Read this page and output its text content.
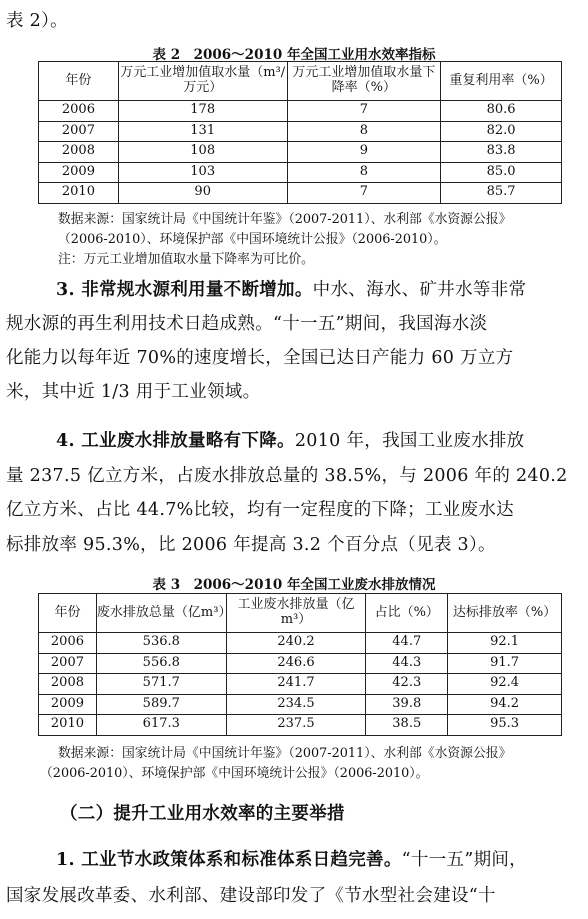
表 2）。
表 2　2006～2010 年全国工业用水效率指标
年份	万元工业增加值取水量（m³/万元）	万元工业增加值取水量下降率（%）	重复利用率（%）
2006	178	7	80.6
2007	131	8	82.0
2008	108	9	83.8
2009	103	8	85.0
2010	90	7	85.7
数据来源：国家统计局《中国统计年鉴》（2007-2011）、水利部《水资源公报》
（2006-2010）、环境保护部《中国环境统计公报》（2006-2010）。
注：万元工业增加值取水量下降率为可比价。
3. 非常规水源利用量不断增加。中水、海水、矿井水等非常
规水源的再生利用技术日趋成熟。“十一五”期间，我国海水淡
化能力以每年近 70%的速度增长，全国已达日产能力 60 万立方
米，其中近 1/3 用于工业领域。
4. 工业废水排放量略有下降。2010 年，我国工业废水排放
量 237.5 亿立方米，占废水排放总量的 38.5%，与 2006 年的 240.2
亿立方米、占比 44.7%比较，均有一定程度的下降；工业废水达
标排放率 95.3%，比 2006 年提高 3.2 个百分点（见表 3）。
表 3　2006～2010 年全国工业废水排放情况
年份	废水排放总量（亿m³）	工业废水排放量（亿m³）	占比（%）	达标排放率（%）
2006	536.8	240.2	44.7	92.1
2007	556.8	246.6	44.3	91.7
2008	571.7	241.7	42.3	92.4
2009	589.7	234.5	39.8	94.2
2010	617.3	237.5	38.5	95.3
数据来源：国家统计局《中国统计年鉴》（2007-2011）、水利部《水资源公报》
（2006-2010）、环境保护部《中国环境统计公报》（2006-2010）。
（二）提升工业用水效率的主要举措
1. 工业节水政策体系和标准体系日趋完善。“十一五”期间，
国家发展改革委、水利部、建设部印发了《节水型社会建设“十
